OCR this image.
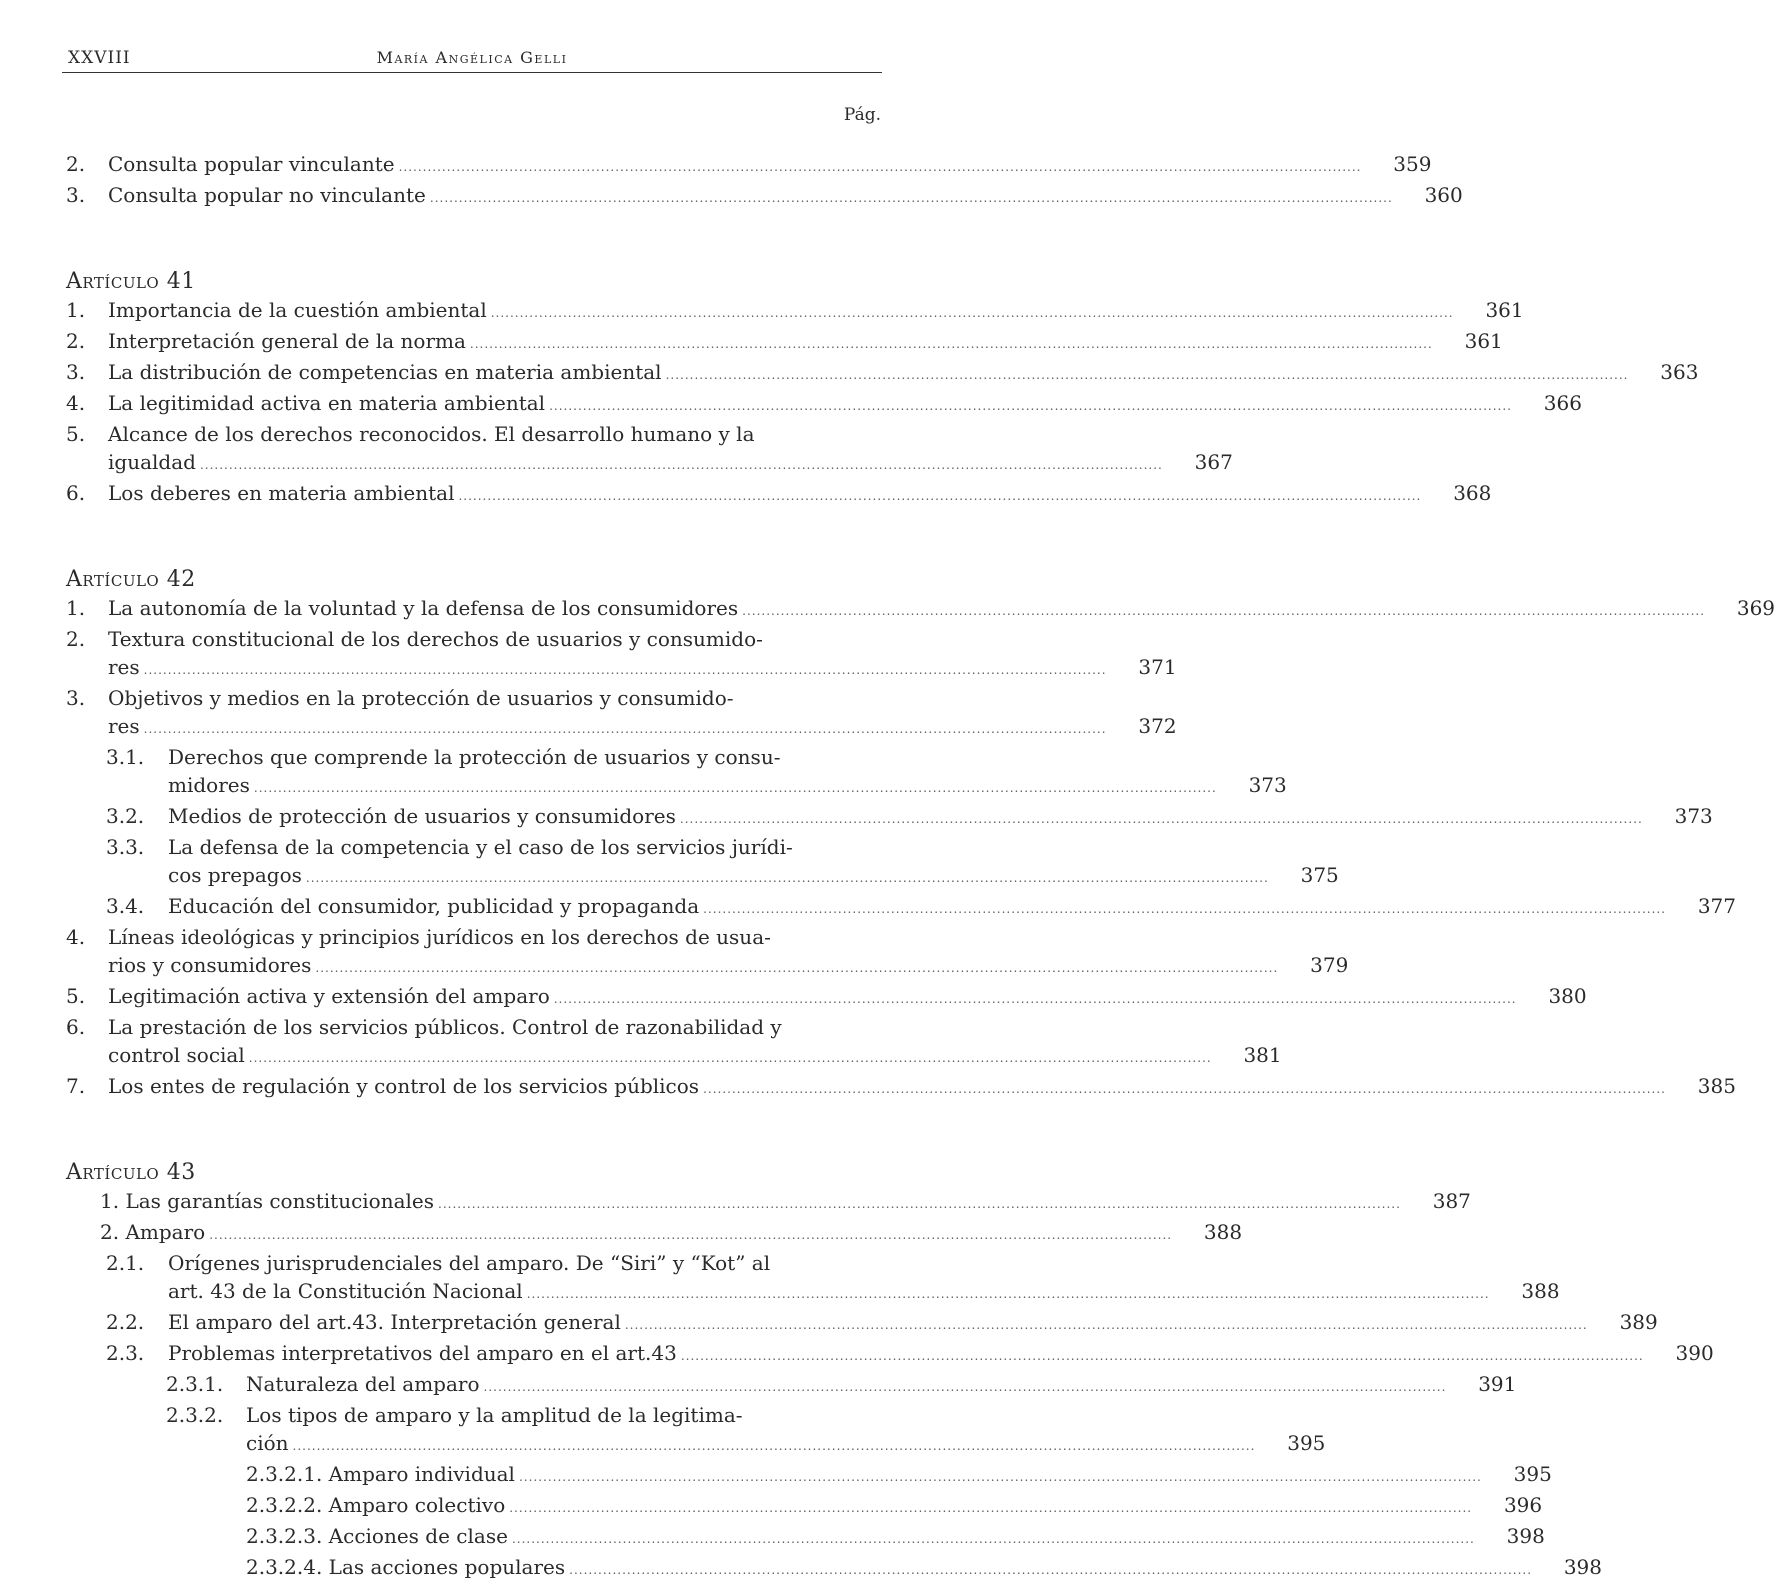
XXVIII	María Angélica Gelli
Pág.
2. Consulta popular vinculante ........................................................................................................................................................................................................	359
3. Consulta popular no vinculante ........................................................................................................................................................................................................	360
Artículo 41
1. Importancia de la cuestión ambiental ........................................................................................................................................................................................................	361
2. Interpretación general de la norma ........................................................................................................................................................................................................	361
3. La distribución de competencias en materia ambiental ........................................................................................................................................................................................................	363
4. La legitimidad activa en materia ambiental ........................................................................................................................................................................................................	366
5. Alcance de los derechos reconocidos. El desarrollo humano y la
igualdad ........................................................................................................................................................................................................	367
6. Los deberes en materia ambiental ........................................................................................................................................................................................................	368
Artículo 42
1. La autonomía de la voluntad y la defensa de los consumidores ........................................................................................................................................................................................................	369
2. Textura constitucional de los derechos de usuarios y consumido-
res ........................................................................................................................................................................................................	371
3. Objetivos y medios en la protección de usuarios y consumido-
res ........................................................................................................................................................................................................	372
3.1. Derechos que comprende la protección de usuarios y consu-
midores ........................................................................................................................................................................................................	373
3.2. Medios de protección de usuarios y consumidores ........................................................................................................................................................................................................	373
3.3. La defensa de la competencia y el caso de los servicios jurídi-
cos prepagos ........................................................................................................................................................................................................	375
3.4. Educación del consumidor, publicidad y propaganda ........................................................................................................................................................................................................	377
4. Líneas ideológicas y principios jurídicos en los derechos de usua-
rios y consumidores ........................................................................................................................................................................................................	379
5. Legitimación activa y extensión del amparo ........................................................................................................................................................................................................	380
6. La prestación de los servicios públicos. Control de razonabilidad y
control social ........................................................................................................................................................................................................	381
7. Los entes de regulación y control de los servicios públicos ........................................................................................................................................................................................................	385
Artículo 43
1. Las garantías constitucionales ........................................................................................................................................................................................................	387
2. Amparo ........................................................................................................................................................................................................	388
2.1. Orígenes jurisprudenciales del amparo. De “Siri” y “Kot” al
art. 43 de la Constitución Nacional ........................................................................................................................................................................................................	388
2.2. El amparo del art.43. Interpretación general ........................................................................................................................................................................................................	389
2.3. Problemas interpretativos del amparo en el art.43 ........................................................................................................................................................................................................	390
2.3.1. Naturaleza del amparo ........................................................................................................................................................................................................	391
2.3.2. Los tipos de amparo y la amplitud de la legitima-
ción ........................................................................................................................................................................................................	395
2.3.2.1. Amparo individual ........................................................................................................................................................................................................	395
2.3.2.2. Amparo colectivo ........................................................................................................................................................................................................	396
2.3.2.3. Acciones de clase ........................................................................................................................................................................................................	398
2.3.2.4. Las acciones populares ........................................................................................................................................................................................................	398
